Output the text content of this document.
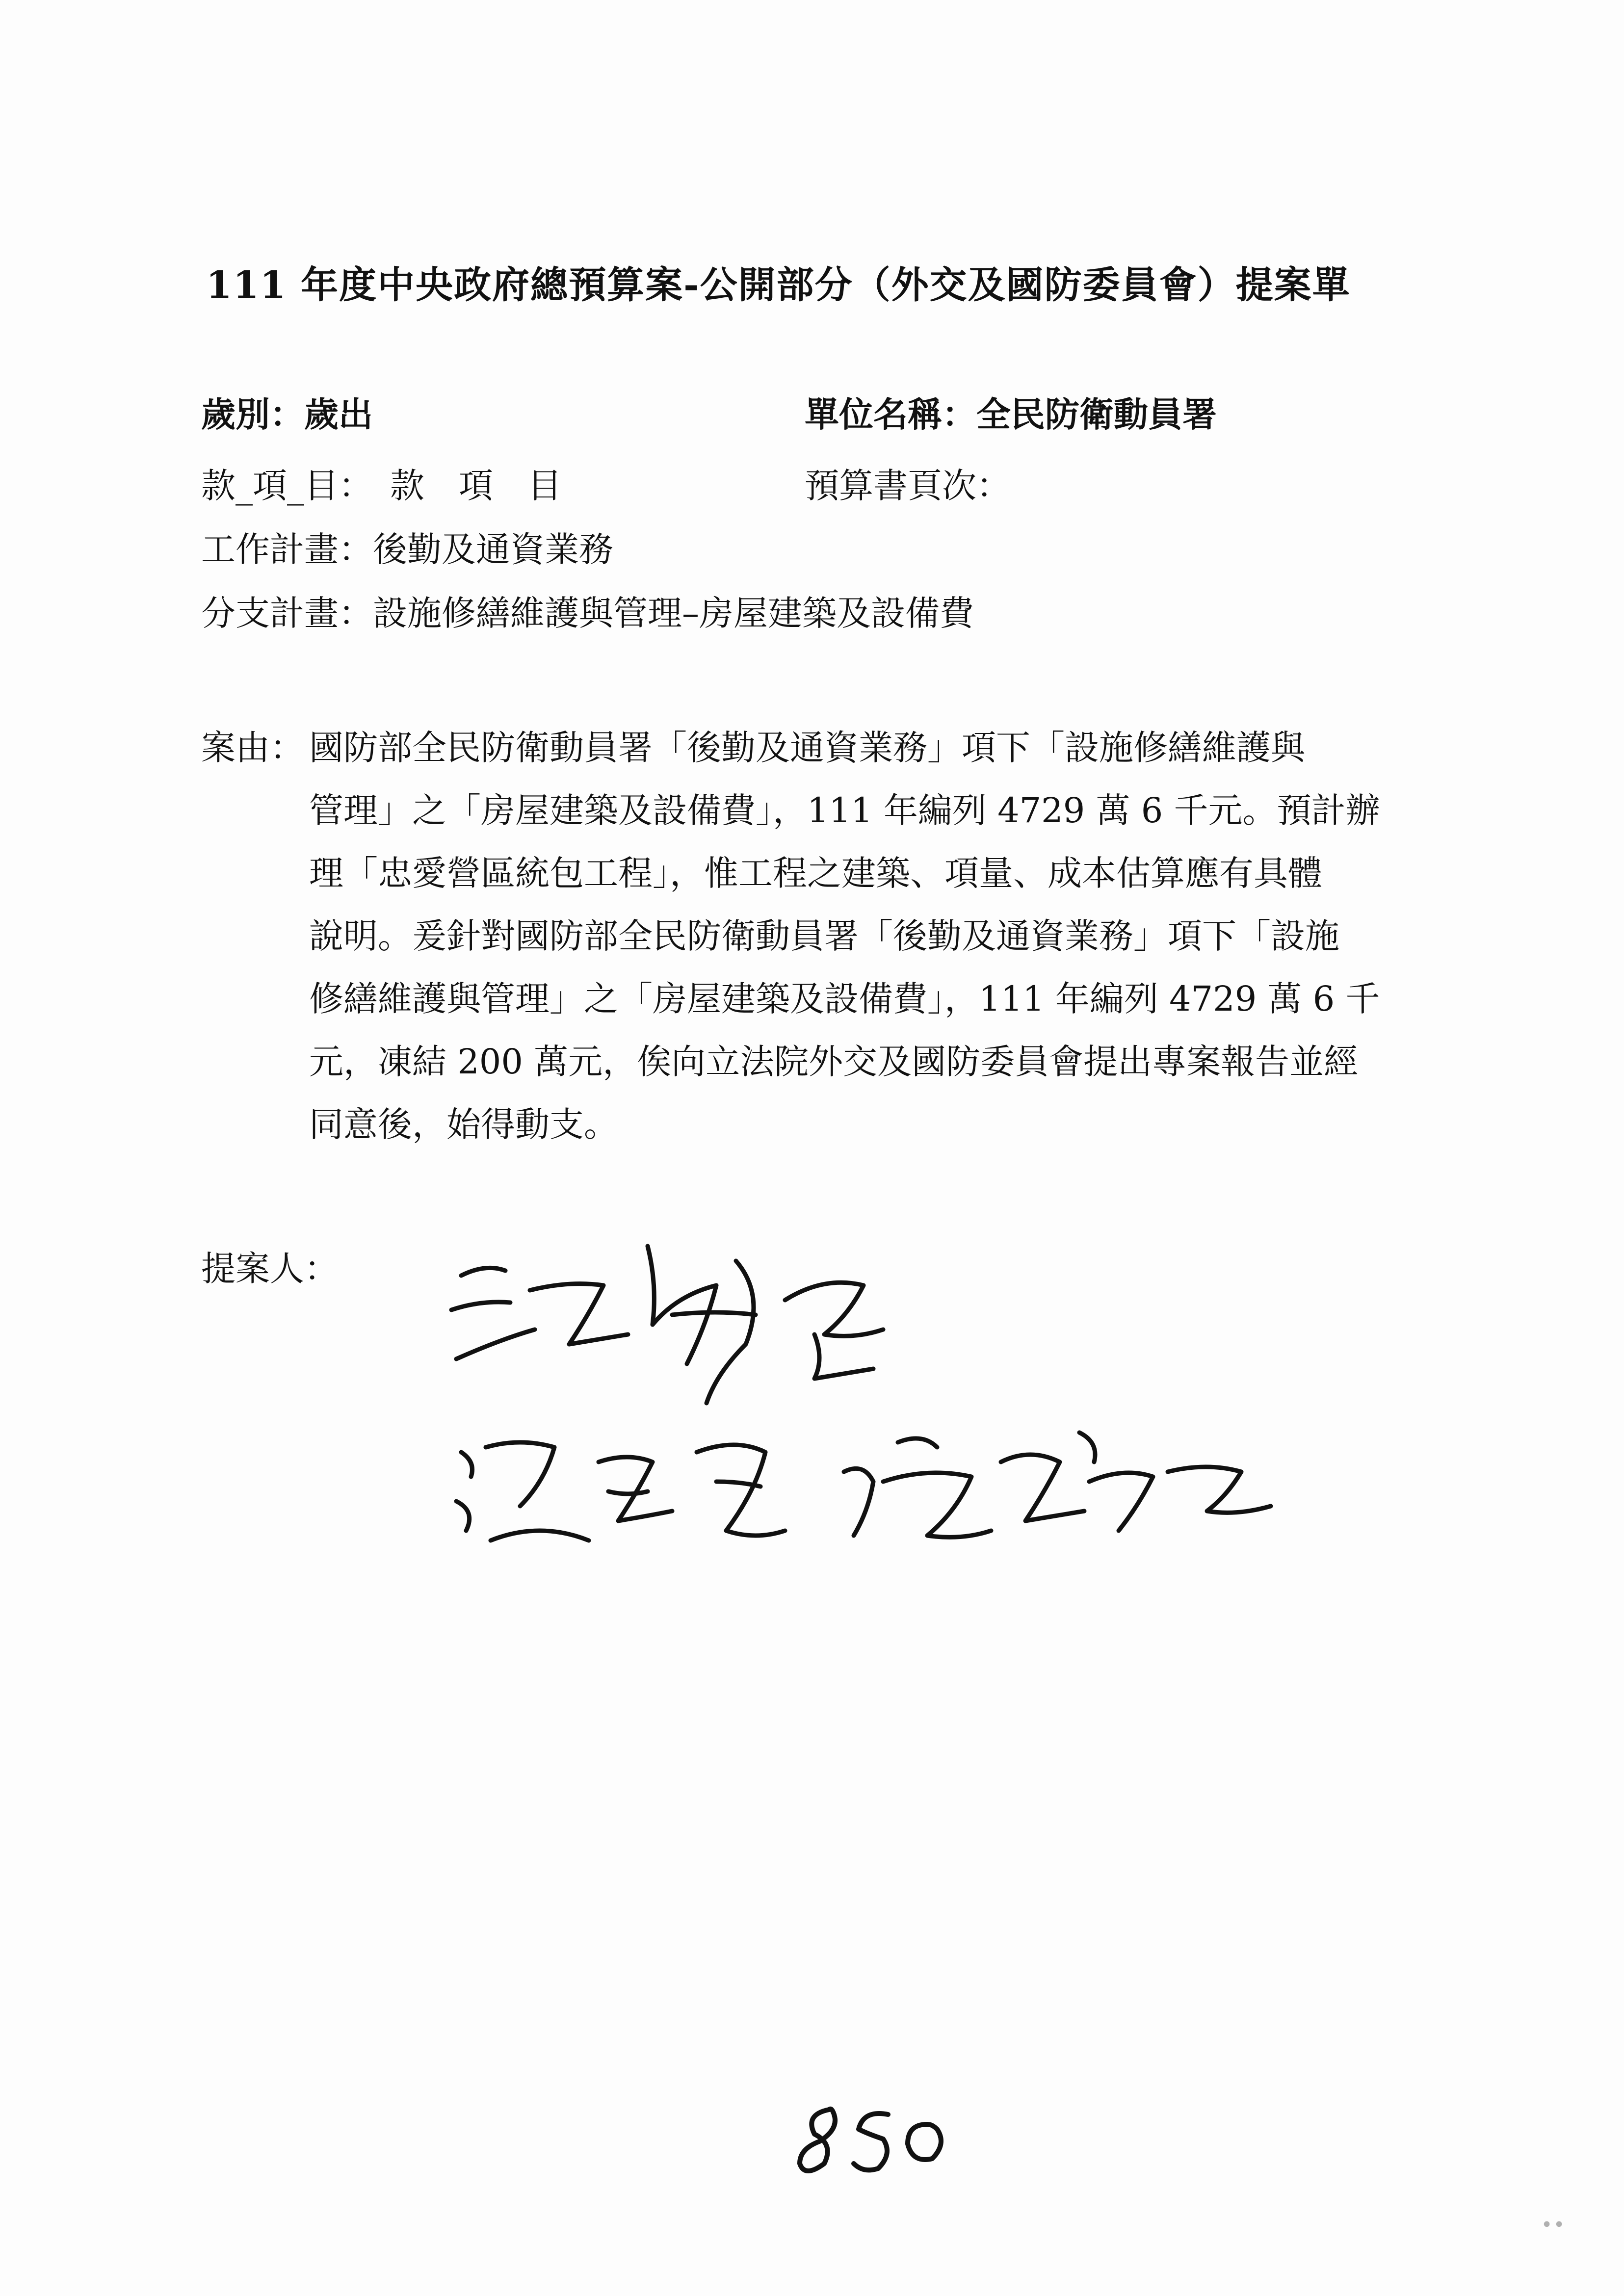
111 年度中央政府總預算案-公開部分（外交及國防委員會）提案單
歲別：歲出	單位名稱：全民防衛動員署
款_項_目：　款　項　目	預算書頁次：
工作計畫：後勤及通資業務
分支計畫：設施修繕維護與管理–房屋建築及設備費
案由： 國防部全民防衛動員署「後勤及通資業務」項下「設施修繕維護與
管理」之「房屋建築及設備費」，111 年編列 4729 萬 6 千元。預計辦
理「忠愛營區統包工程」，惟工程之建築、項量、成本估算應有具體
說明。爰針對國防部全民防衛動員署「後勤及通資業務」項下「設施
修繕維護與管理」之「房屋建築及設備費」，111 年編列 4729 萬 6 千
元，凍結 200 萬元，俟向立法院外交及國防委員會提出專案報告並經
同意後，始得動支。
提案人：
850
∙∙
